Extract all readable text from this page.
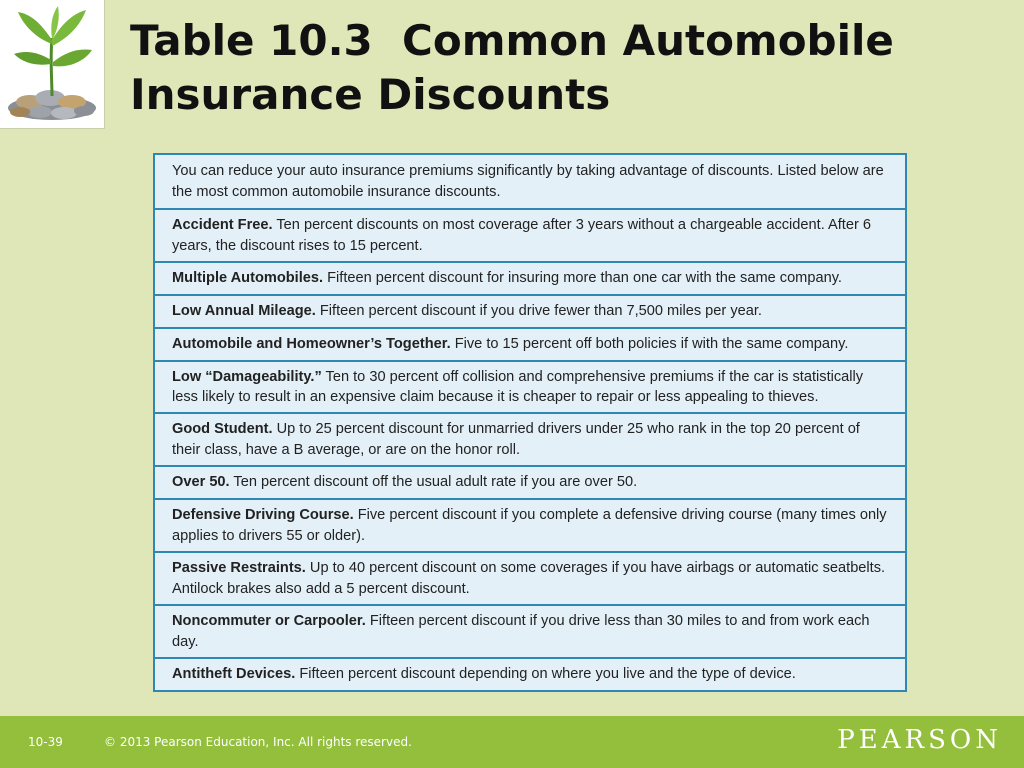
Table 10.3  Common Automobile
Insurance Discounts
You can reduce your auto insurance premiums significantly by taking advantage of discounts. Listed below are the most common automobile insurance discounts.
Accident Free. Ten percent discounts on most coverage after 3 years without a chargeable accident. After 6 years, the discount rises to 15 percent.
Multiple Automobiles. Fifteen percent discount for insuring more than one car with the same company.
Low Annual Mileage. Fifteen percent discount if you drive fewer than 7,500 miles per year.
Automobile and Homeowner’s Together. Five to 15 percent off both policies if with the same company.
Low “Damageability.” Ten to 30 percent off collision and comprehensive premiums if the car is statistically less likely to result in an expensive claim because it is cheaper to repair or less appealing to thieves.
Good Student. Up to 25 percent discount for unmarried drivers under 25 who rank in the top 20 percent of their class, have a B average, or are on the honor roll.
Over 50. Ten percent discount off the usual adult rate if you are over 50.
Defensive Driving Course. Five percent discount if you complete a defensive driving course (many times only applies to drivers 55 or older).
Passive Restraints. Up to 40 percent discount on some coverages if you have airbags or automatic seatbelts. Antilock brakes also add a 5 percent discount.
Noncommuter or Carpooler. Fifteen percent discount if you drive less than 30 miles to and from work each day.
Antitheft Devices. Fifteen percent discount depending on where you live and the type of device.
10-39	© 2013 Pearson Education, Inc. All rights reserved.	PEARSON
